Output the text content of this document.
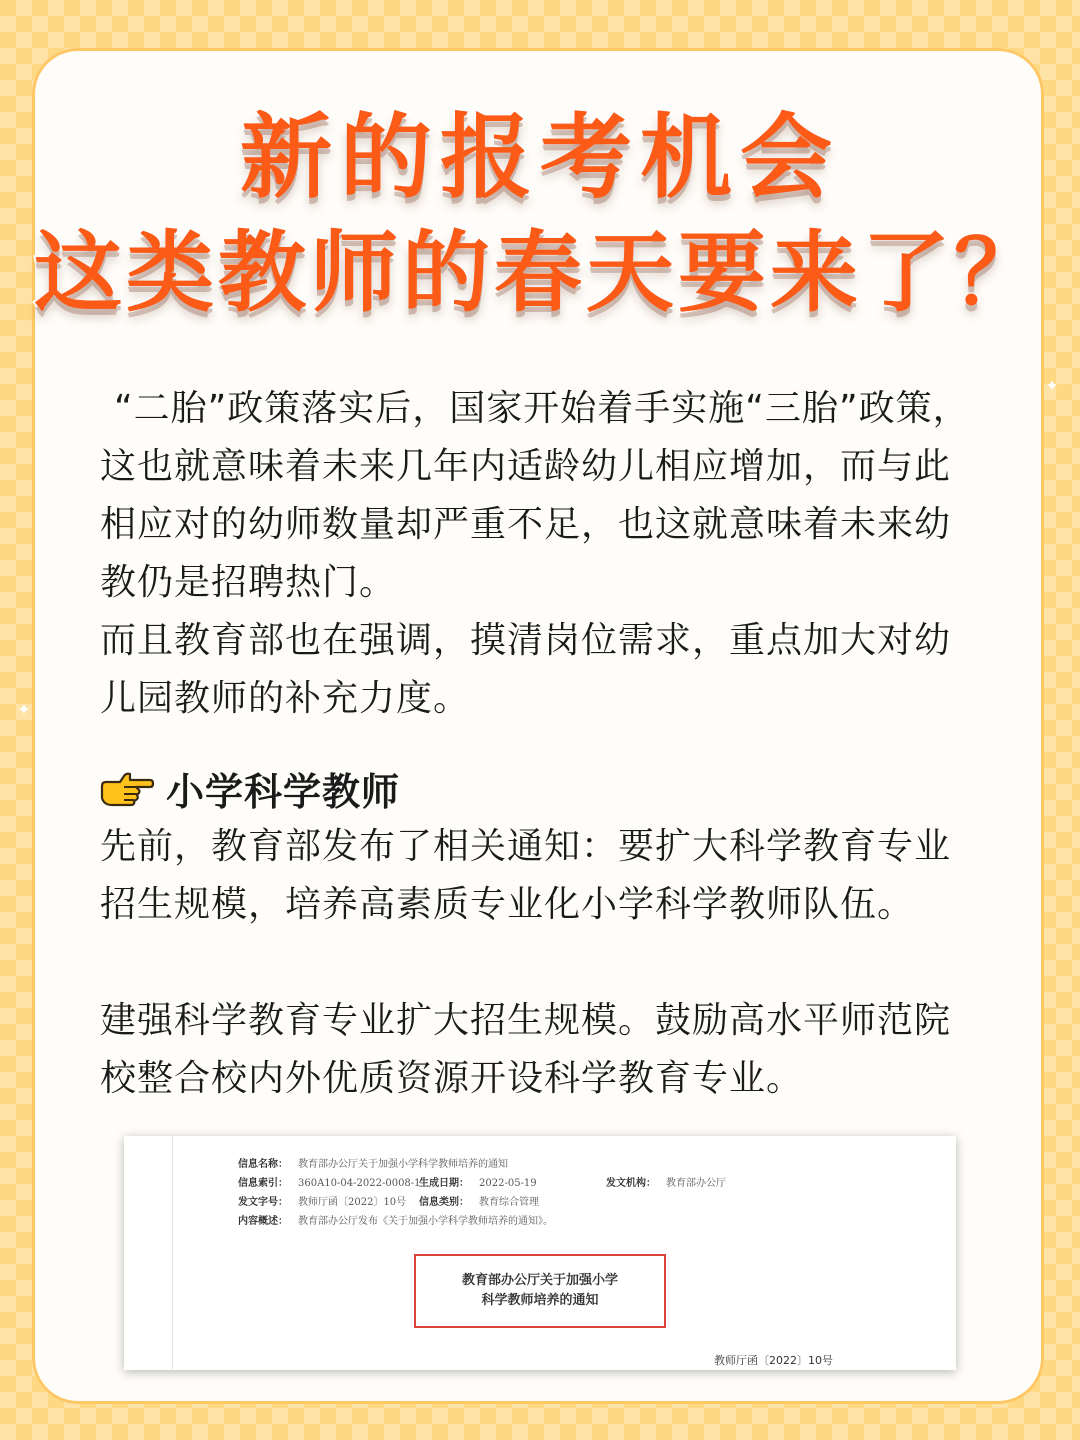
✦
✦
新的报考机会
这类教师的春天要来了？

“二胎”政策落实后，国家开始着手实施“三胎”政策，这也就意味着未来几年内适龄幼儿相应增加，而与此相应对的幼师数量却严重不足，也这就意味着未来幼教仍是招聘热门。

而且教育部也在强调，摸清岗位需求，重点加大对幼儿园教师的补充力度。

小学科学教师

先前，教育部发布了相关通知：要扩大科学教育专业招生规模，培养高素质专业化小学科学教师队伍。

建强科学教育专业扩大招生规模。鼓励高水平师范院校整合校内外优质资源开设科学教育专业。

信息名称： 教育部办公厅关于加强小学科学教师培养的通知
信息索引： 360A10-04-2022-0008-1
生成日期： 2022-05-19	发文机构： 教育部办公厅
发文字号： 教师厅函〔2022〕10号 信息类别： 教育综合管理
内容概述： 教育部办公厅发布《关于加强小学科学教师培养的通知》。
教育部办公厅关于加强小学
科学教师培养的通知
教师厅函〔2022〕10号
